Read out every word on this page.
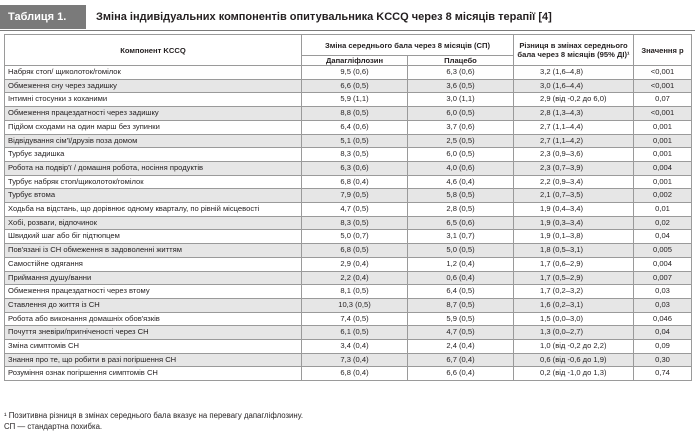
Таблиця 1.	Зміна індивідуальних компонентів опитувальника KCCQ через 8 місяців терапії [4]
Компонент KCCQ	Зміна середнього бала через 8 місяців (СП)		Різниця в змінах середнього бала через 8 місяців (95% ДІ)¹	Значення p
	Дапагліфлозин	Плацебо		
Набряк стоп/ щиколоток/гомілок	9,5 (0,6)	6,3 (0,6)	3,2 (1,6–4,8)	<0,001
Обмеження сну через задишку	6,6 (0,5)	3,6 (0,5)	3,0 (1,6–4,4)	<0,001
Інтимні стосунки з коханими	5,9 (1,1)	3,0 (1,1)	2,9 (від -0,2 до 6,0)	0,07
Обмеження працездатності через задишку	8,8 (0,5)	6,0 (0,5)	2,8 (1,3–4,3)	<0,001
Підйом сходами на один марш без зупинки	6,4 (0,6)	3,7 (0,6)	2,7 (1,1–4,4)	0,001
Відвідування сім'ї/друзів поза домом	5,1 (0,5)	2,5 (0,5)	2,7 (1,1–4,2)	0,001
Турбує задишка	8,3 (0,5)	6,0 (0,5)	2,3 (0,9–3,6)	0,001
Робота на подвір'ї / домашня робота, носіння продуктів	6,3 (0,6)	4,0 (0,6)	2,3 (0,7–3,9)	0,004
Турбує набряк стоп/щиколоток/гомілок	6,8 (0,4)	4,6 (0,4)	2,2 (0,9–3,4)	0,001
Турбує втома	7,9 (0,5)	5,8 (0,5)	2,1 (0,7–3,5)	0,002
Ходьба на відстань, що дорівнює одному кварталу, по рівній місцевості	4,7 (0,5)	2,8 (0,5)	1,9 (0,4–3,4)	0,01
Хобі, розваги, відпочинок	8,3 (0,5)	6,5 (0,6)	1,9 (0,3–3,4)	0,02
Швидкий шаг або біг підтюпцем	5,0 (0,7)	3,1 (0,7)	1,9 (0,1–3,8)	0,04
Пов'язані із СН обмеження в задоволенні життям	6,8 (0,5)	5,0 (0,5)	1,8 (0,5–3,1)	0,005
Самостійне одягання	2,9 (0,4)	1,2 (0,4)	1,7 (0,6–2,9)	0,004
Приймання душу/ванни	2,2 (0,4)	0,6 (0,4)	1,7 (0,5–2,9)	0,007
Обмеження працездатності через втому	8,1 (0,5)	6,4 (0,5)	1,7 (0,2–3,2)	0,03
Ставлення до життя із СН	10,3 (0,5)	8,7 (0,5)	1,6 (0,2–3,1)	0,03
Робота або виконання домашніх обов'язків	7,4 (0,5)	5,9 (0,5)	1,5 (0,0–3,0)	0,046
Почуття зневіри/пригніченості через СН	6,1 (0,5)	4,7 (0,5)	1,3 (0,0–2,7)	0,04
Зміна симптомів СН	3,4 (0,4)	2,4 (0,4)	1,0 (від -0,2 до 2,2)	0,09
Знання про те, що робити в разі погіршення СН	7,3 (0,4)	6,7 (0,4)	0,6 (від -0,6 до 1,9)	0,30
Розуміння ознак погіршення симптомів СН	6,8 (0,4)	6,6 (0,4)	0,2 (від -1,0 до 1,3)	0,74
¹ Позитивна різниця в змінах середнього бала вказує на перевагу дапагліфлозину.
СП — стандартна похибка.
